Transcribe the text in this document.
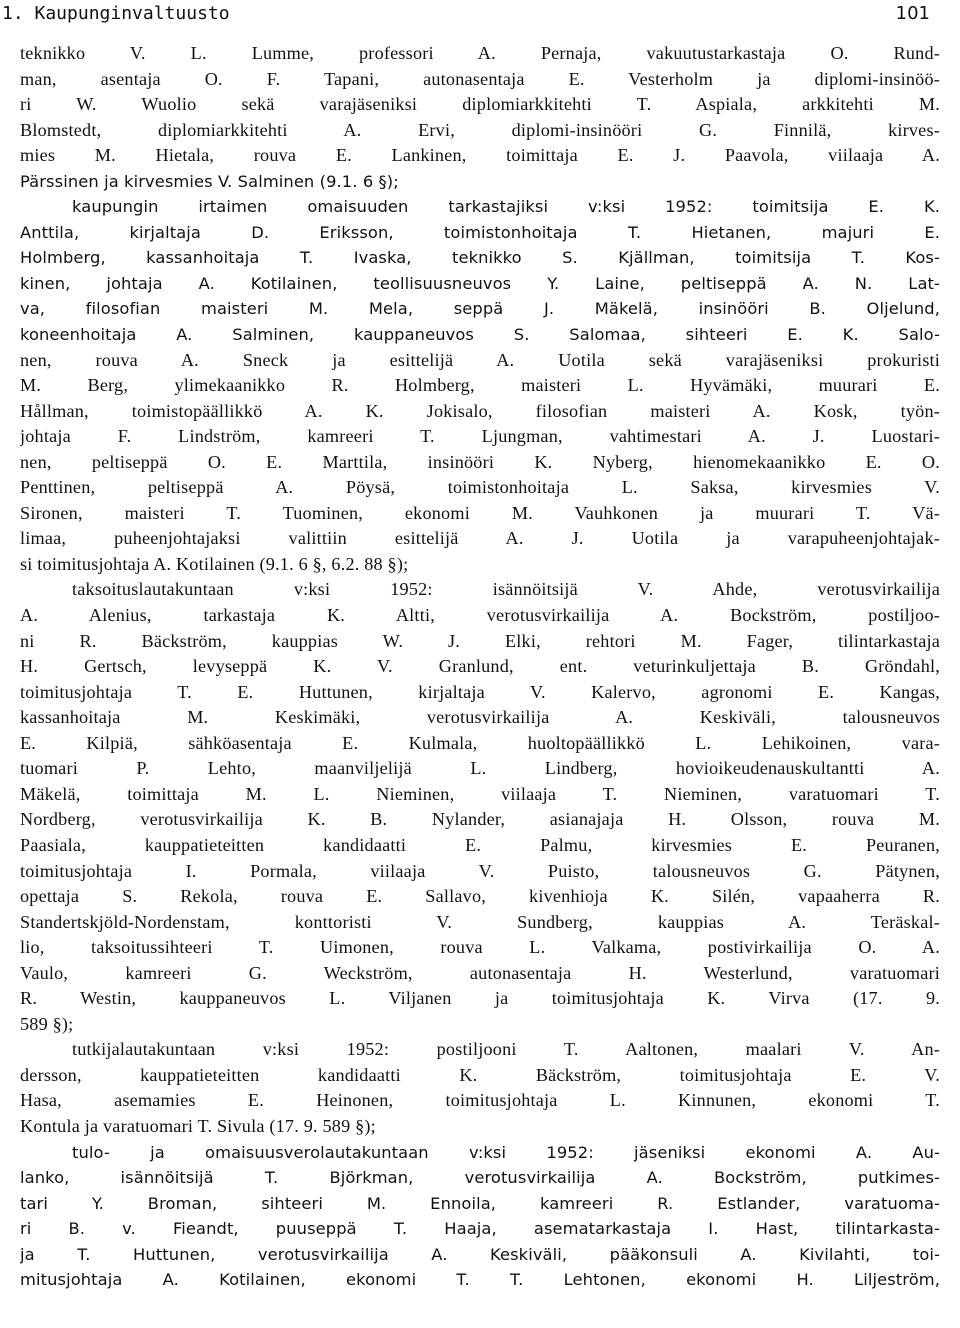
1. Kaupunginvaltuusto	101
teknikko V. L. Lumme, professori A. Pernaja, vakuutustarkastaja O. Rund-
man, asentaja O. F. Tapani, autonasentaja E. Vesterholm ja diplomi-insinöö-
ri W. Wuolio sekä varajäseniksi diplomiarkkitehti T. Aspiala, arkkitehti M.
Blomstedt, diplomiarkkitehti A. Ervi, diplomi-insinööri G. Finnilä, kirves-
mies M. Hietala, rouva E. Lankinen, toimittaja E. J. Paavola, viilaaja A.
Pärssinen ja kirvesmies V. Salminen (9.1. 6 §);
kaupungin irtaimen omaisuuden tarkastajiksi v:ksi 1952: toimitsija E. K.
Anttila, kirjaltaja D. Eriksson, toimistonhoitaja T. Hietanen, majuri E.
Holmberg, kassanhoitaja T. Ivaska, teknikko S. Kjällman, toimitsija T. Kos-
kinen, johtaja A. Kotilainen, teollisuusneuvos Y. Laine, peltiseppä A. N. Lat-
va, filosofian maisteri M. Mela, seppä J. Mäkelä, insinööri B. Oljelund,
koneenhoitaja A. Salminen, kauppaneuvos S. Salomaa, sihteeri E. K. Salo-
nen, rouva A. Sneck ja esittelijä A. Uotila sekä varajäseniksi prokuristi
M. Berg, ylimekaanikko R. Holmberg, maisteri L. Hyvämäki, muurari E.
Hållman, toimistopäällikkö A. K. Jokisalo, filosofian maisteri A. Kosk, työn-
johtaja F. Lindström, kamreeri T. Ljungman, vahtimestari A. J. Luostari-
nen, peltiseppä O. E. Marttila, insinööri K. Nyberg, hienomekaanikko E. O.
Penttinen, peltiseppä A. Pöysä, toimistonhoitaja L. Saksa, kirvesmies V.
Sironen, maisteri T. Tuominen, ekonomi M. Vauhkonen ja muurari T. Vä-
limaa, puheenjohtajaksi valittiin esittelijä A. J. Uotila ja varapuheenjohtajak-
si toimitusjohtaja A. Kotilainen (9.1. 6 §, 6.2. 88 §);
taksoituslautakuntaan v:ksi 1952: isännöitsijä V. Ahde, verotusvirkailija
A. Alenius, tarkastaja K. Altti, verotusvirkailija A. Bockström, postiljoo-
ni R. Bäckström, kauppias W. J. Elki, rehtori M. Fager, tilintarkastaja
H. Gertsch, levyseppä K. V. Granlund, ent. veturinkuljettaja B. Gröndahl,
toimitusjohtaja T. E. Huttunen, kirjaltaja V. Kalervo, agronomi E. Kangas,
kassanhoitaja M. Keskimäki, verotusvirkailija A. Keskiväli, talousneuvos
E. Kilpiä, sähköasentaja E. Kulmala, huoltopäällikkö L. Lehikoinen, vara-
tuomari P. Lehto, maanviljelijä L. Lindberg, hovioikeudenauskultantti A.
Mäkelä, toimittaja M. L. Nieminen, viilaaja T. Nieminen, varatuomari T.
Nordberg, verotusvirkailija K. B. Nylander, asianajaja H. Olsson, rouva M.
Paasiala, kauppatieteitten kandidaatti E. Palmu, kirvesmies E. Peuranen,
toimitusjohtaja I. Pormala, viilaaja V. Puisto, talousneuvos G. Pätynen,
opettaja S. Rekola, rouva E. Sallavo, kivenhioja K. Silén, vapaaherra R.
Standertskjöld-Nordenstam, konttoristi V. Sundberg, kauppias A. Teräskal-
lio, taksoitussihteeri T. Uimonen, rouva L. Valkama, postivirkailija O. A.
Vaulo, kamreeri G. Weckström, autonasentaja H. Westerlund, varatuomari
R. Westin, kauppaneuvos L. Viljanen ja toimitusjohtaja K. Virva (17. 9.
589 §);
tutkijalautakuntaan v:ksi 1952: postiljooni T. Aaltonen, maalari V. An-
dersson, kauppatieteitten kandidaatti K. Bäckström, toimitusjohtaja E. V.
Hasa, asemamies E. Heinonen, toimitusjohtaja L. Kinnunen, ekonomi T.
Kontula ja varatuomari T. Sivula (17. 9. 589 §);
tulo- ja omaisuusverolautakuntaan v:ksi 1952: jäseniksi ekonomi A. Au-
lanko, isännöitsijä T. Björkman, verotusvirkailija A. Bockström, putkimes-
tari Y. Broman, sihteeri M. Ennoila, kamreeri R. Estlander, varatuoma-
ri B. v. Fieandt, puuseppä T. Haaja, asematarkastaja I. Hast, tilintarkasta-
ja T. Huttunen, verotusvirkailija A. Keskiväli, pääkonsuli A. Kivilahti, toi-
mitusjohtaja A. Kotilainen, ekonomi T. T. Lehtonen, ekonomi H. Liljeström,
